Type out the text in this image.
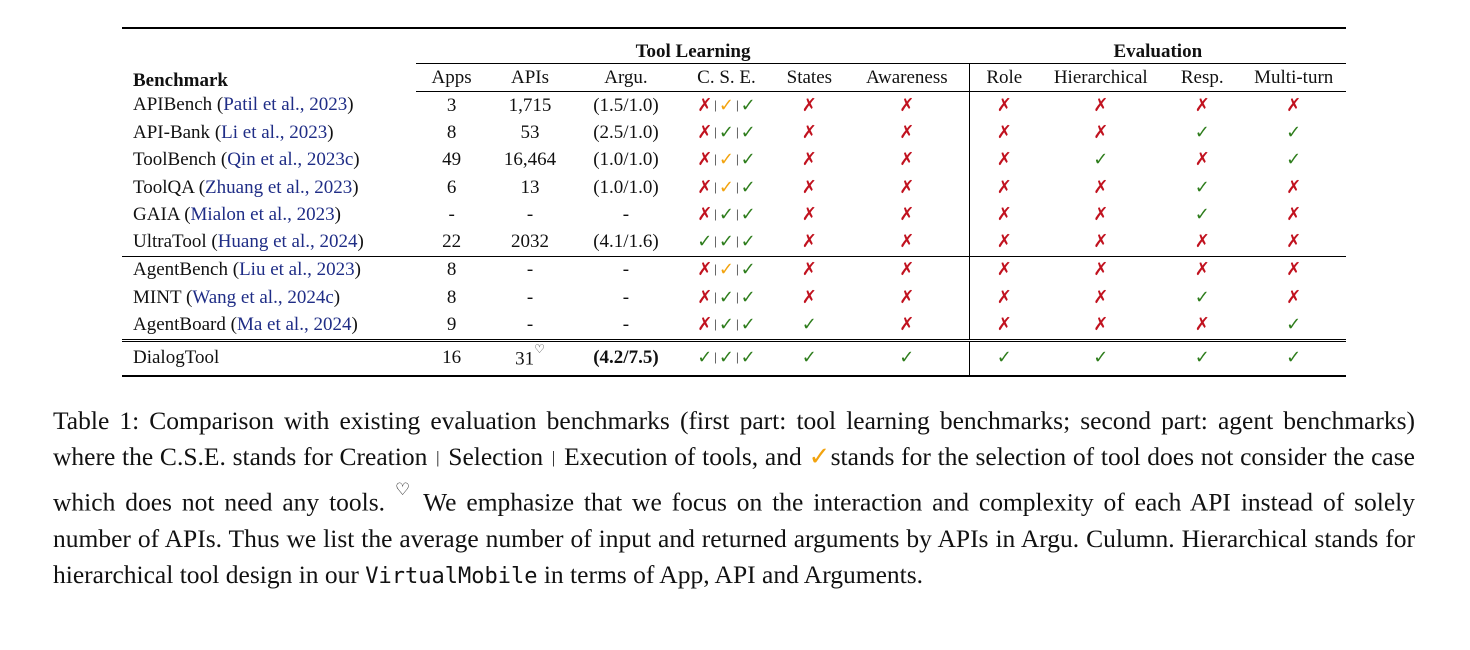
Benchmark	Tool Learning						Evaluation			
	Apps	APIs	Argu.	C. S. E.	States	Awareness	Role	Hierarchical	Resp.	Multi-turn
APIBench (Patil et al., 2023)	3	1,715	(1.5/1.0)	✗ | ✓ | ✓	✗	✗	✗	✗	✗	✗
API-Bank (Li et al., 2023)	8	53	(2.5/1.0)	✗ | ✓ | ✓	✗	✗	✗	✗	✓	✓
ToolBench (Qin et al., 2023c)	49	16,464	(1.0/1.0)	✗ | ✓ | ✓	✗	✗	✗	✓	✗	✓
ToolQA (Zhuang et al., 2023)	6	13	(1.0/1.0)	✗ | ✓ | ✓	✗	✗	✗	✗	✓	✗
GAIA (Mialon et al., 2023)	-	-	-	✗ | ✓ | ✓	✗	✗	✗	✗	✓	✗
UltraTool (Huang et al., 2024)	22	2032	(4.1/1.6)	✓ | ✓ | ✓	✗	✗	✗	✗	✗	✗
AgentBench (Liu et al., 2023)	8	-	-	✗ | ✓ | ✓	✗	✗	✗	✗	✗	✗
MINT (Wang et al., 2024c)	8	-	-	✗ | ✓ | ✓	✗	✗	✗	✗	✓	✗
AgentBoard (Ma et al., 2024)	9	-	-	✗ | ✓ | ✓	✓	✗	✗	✗	✗	✓
DialogTool	16	31♡	(4.2/7.5)	✓ | ✓ | ✓	✓	✓	✓	✓	✓	✓

Table 1: Comparison with existing evaluation benchmarks (first part: tool learning benchmarks; second part: agent benchmarks) where the C.S.E. stands for Creation | Selection | Execution of tools, and ✓stands for the selection of tool does not consider the case which does not need any tools. ♡ We emphasize that we focus on the interaction and complexity of each API instead of solely number of APIs. Thus we list the average number of input and returned arguments by APIs in Argu. Culumn. Hierarchical stands for hierarchical tool design in our VirtualMobile in terms of App, API and Arguments.
